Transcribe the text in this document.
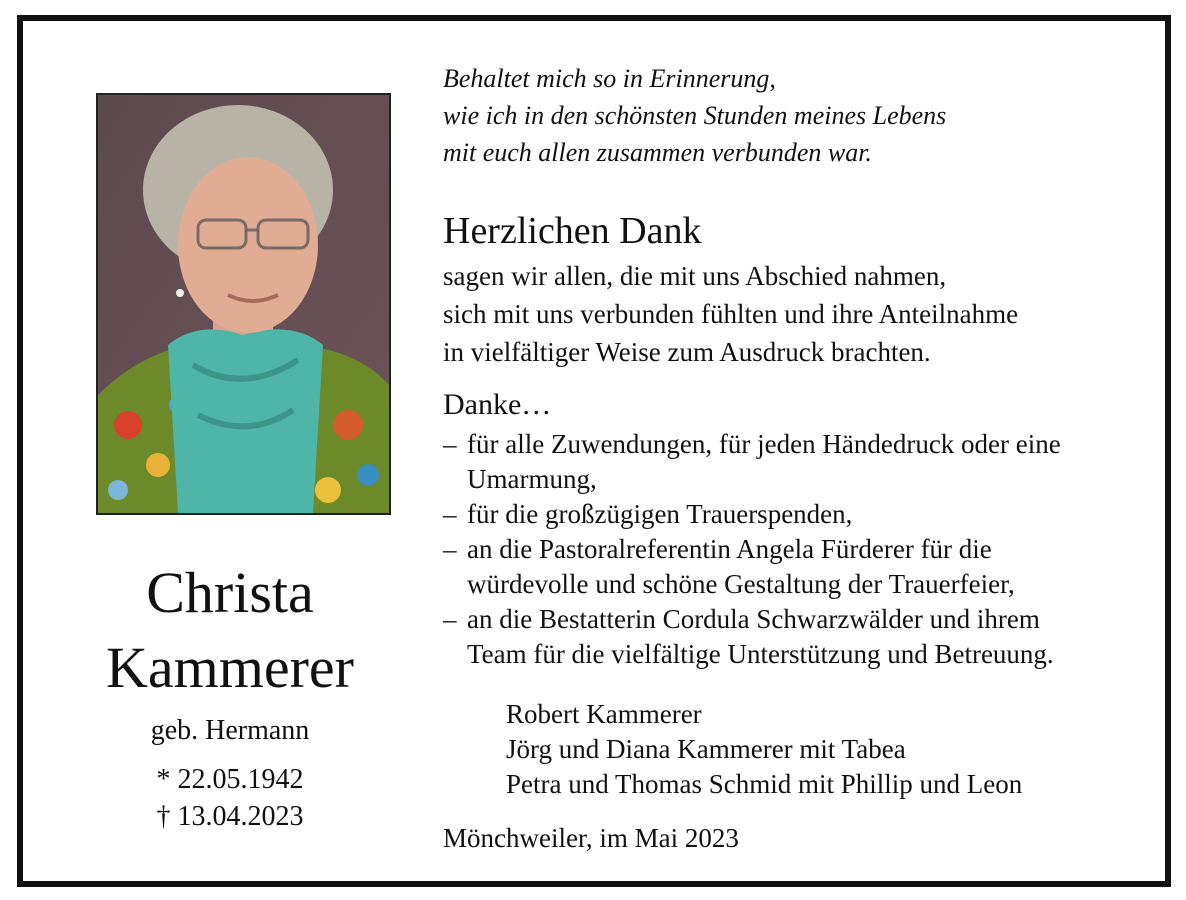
Christa
Kammerer
geb. Hermann
* 22.05.1942
† 13.04.2023
Behaltet mich so in Erinnerung,
wie ich in den schönsten Stunden meines Lebens
mit euch allen zusammen verbunden war.
Herzlichen Dank
sagen wir allen, die mit uns Abschied nahmen,
sich mit uns verbunden fühlten und ihre Anteilnahme
in vielfältiger Weise zum Ausdruck brachten.
Danke…
– für alle Zuwendungen, für jeden Händedruck oder eine
Umarmung,
– für die großzügigen Trauerspenden,
– an die Pastoralreferentin Angela Fürderer für die
würdevolle und schöne Gestaltung der Trauerfeier,
– an die Bestatterin Cordula Schwarzwälder und ihrem
Team für die vielfältige Unterstützung und Betreuung.
Robert Kammerer
Jörg und Diana Kammerer mit Tabea
Petra und Thomas Schmid mit Phillip und Leon
Mönchweiler, im Mai 2023
